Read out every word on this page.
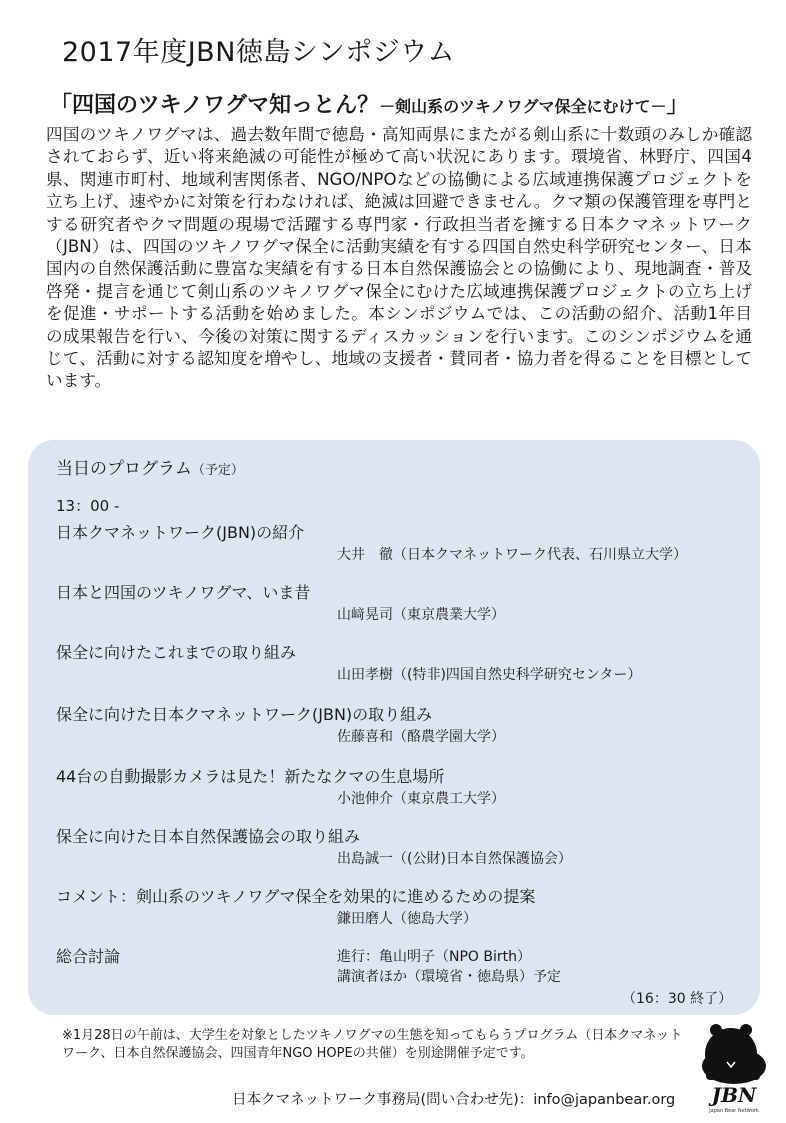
2017年度JBN徳島シンポジウム
「四国のツキノワグマ知っとん？－剣山系のツキノワグマ保全にむけて－」

四国のツキノワグマは、過去数年間で徳島・高知両県にまたがる剣山系に十数頭のみしか確認されておらず、近い将来絶滅の可能性が極めて高い状況にあります。環境省、林野庁、四国4県、関連市町村、地域利害関係者、NGO/NPOなどの協働による広域連携保護プロジェクトを立ち上げ、速やかに対策を行わなければ、絶滅は回避できません。クマ類の保護管理を専門とする研究者やクマ問題の現場で活躍する専門家・行政担当者を擁する日本クマネットワーク（JBN）は、四国のツキノワグマ保全に活動実績を有する四国自然史科学研究センター、日本国内の自然保護活動に豊富な実績を有する日本自然保護協会との協働により、現地調査・普及啓発・提言を通じて剣山系のツキノワグマ保全にむけた広域連携保護プロジェクトの立ち上げを促進・サポートする活動を始めました。本シンポジウムでは、この活動の紹介、活動1年目の成果報告を行い、今後の対策に関するディスカッションを行います。このシンポジウムを通じて、活動に対する認知度を増やし、地域の支援者・賛同者・協力者を得ることを目標としています。

当日のプログラム（予定）
13：00 -
日本クマネットワーク(JBN)の紹介
大井　徹（日本クマネットワーク代表、石川県立大学）
日本と四国のツキノワグマ、いま昔
山﨑晃司（東京農業大学）
保全に向けたこれまでの取り組み
山田孝樹（(特非)四国自然史科学研究センター）
保全に向けた日本クマネットワーク(JBN)の取り組み
佐藤喜和（酪農学園大学）
44台の自動撮影カメラは見た！新たなクマの生息場所
小池伸介（東京農工大学）
保全に向けた日本自然保護協会の取り組み
出島誠一（(公財)日本自然保護協会）
コメント：剣山系のツキノワグマ保全を効果的に進めるための提案
鎌田磨人（徳島大学）
総合討論	進行：亀山明子（NPO Birth）
講演者ほか（環境省・徳島県）予定
（16：30 終了）

※1月28日の午前は、大学生を対象としたツキノワグマの生態を知ってもらうプログラム（日本クマネットワーク、日本自然保護協会、四国青年NGO HOPEの共催）を別途開催予定です。

日本クマネットワーク事務局(問い合わせ先)：info@japanbear.org JBN
Japan Bear Network
